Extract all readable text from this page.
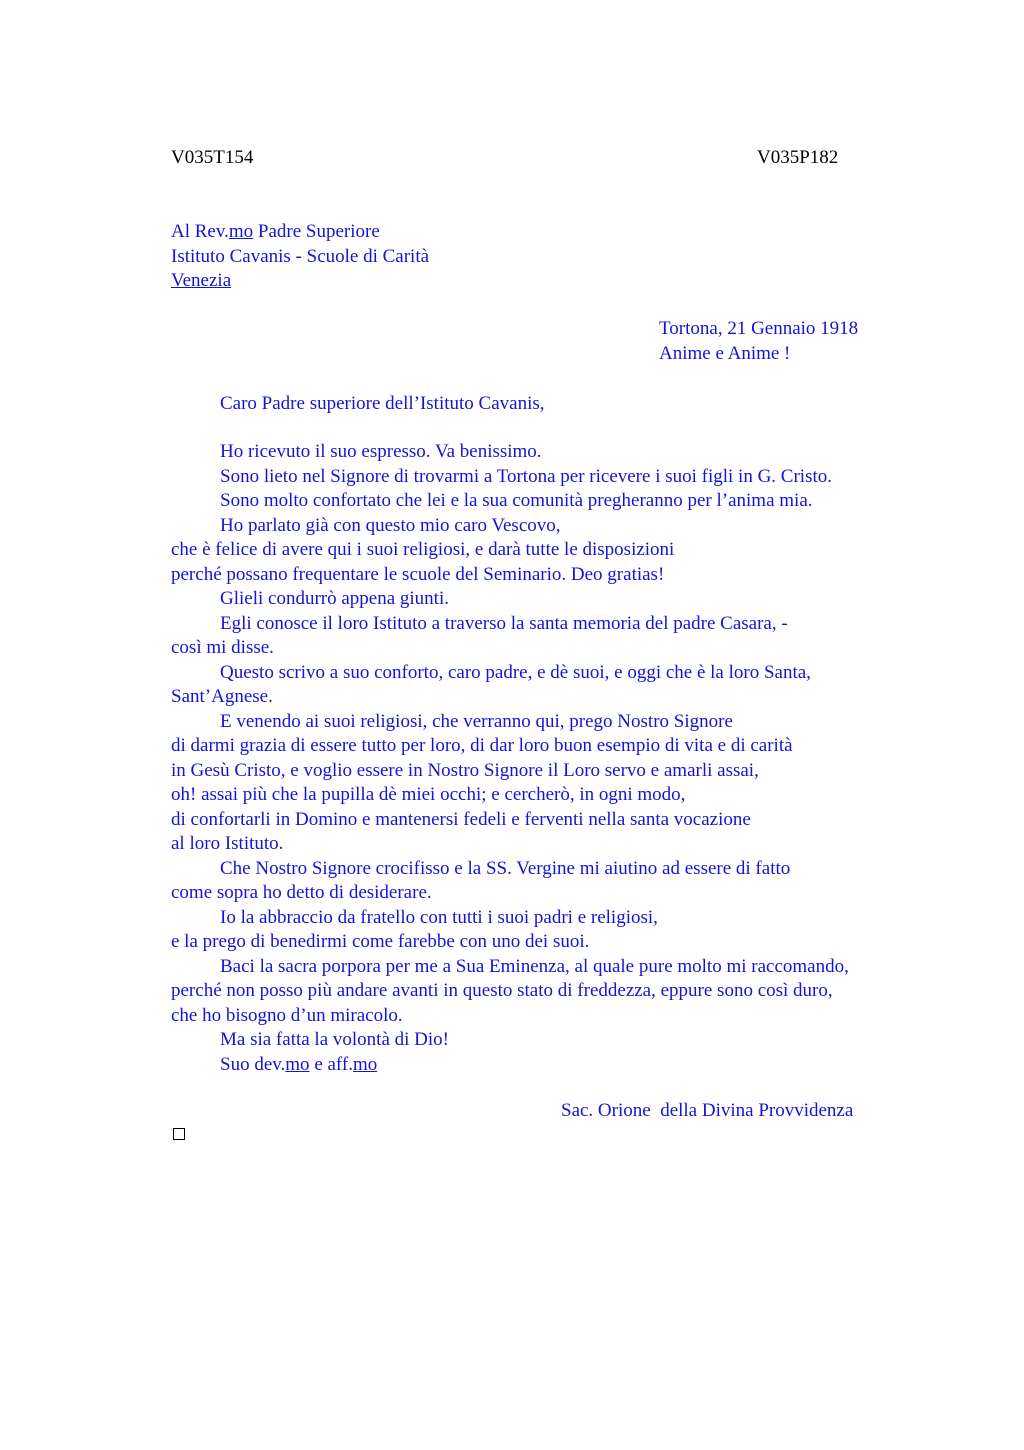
V035T154	V035P182
Al Rev.mo Padre Superiore
Istituto Cavanis - Scuole di Carità
Venezia
Tortona, 21 Gennaio 1918
Anime e Anime !
Caro Padre superiore dell’Istituto Cavanis,
Ho ricevuto il suo espresso. Va benissimo.
Sono lieto nel Signore di trovarmi a Tortona per ricevere i suoi figli in G. Cristo.
Sono molto confortato che lei e la sua comunità pregheranno per l’anima mia.
Ho parlato già con questo mio caro Vescovo,
che è felice di avere qui i suoi religiosi, e darà tutte le disposizioni
perché possano frequentare le scuole del Seminario. Deo gratias!
Glieli condurrò appena giunti.
Egli conosce il loro Istituto a traverso la santa memoria del padre Casara, -
così mi disse.
Questo scrivo a suo conforto, caro padre, e dè suoi, e oggi che è la loro Santa,
Sant’Agnese.
E venendo ai suoi religiosi, che verranno qui, prego Nostro Signore
di darmi grazia di essere tutto per loro, di dar loro buon esempio di vita e di carità
in Gesù Cristo, e voglio essere in Nostro Signore il Loro servo e amarli assai,
oh! assai più che la pupilla dè miei occhi; e cercherò, in ogni modo,
di confortarli in Domino e mantenersi fedeli e ferventi nella santa vocazione
al loro Istituto.
Che Nostro Signore crocifisso e la SS. Vergine mi aiutino ad essere di fatto
come sopra ho detto di desiderare.
Io la abbraccio da fratello con tutti i suoi padri e religiosi,
e la prego di benedirmi come farebbe con uno dei suoi.
Baci la sacra porpora per me a Sua Eminenza, al quale pure molto mi raccomando,
perché non posso più andare avanti in questo stato di freddezza, eppure sono così duro,
che ho bisogno d’un miracolo.
Ma sia fatta la volontà di Dio!
Suo dev.mo e aff.mo
Sac. Orione  della Divina Provvidenza
